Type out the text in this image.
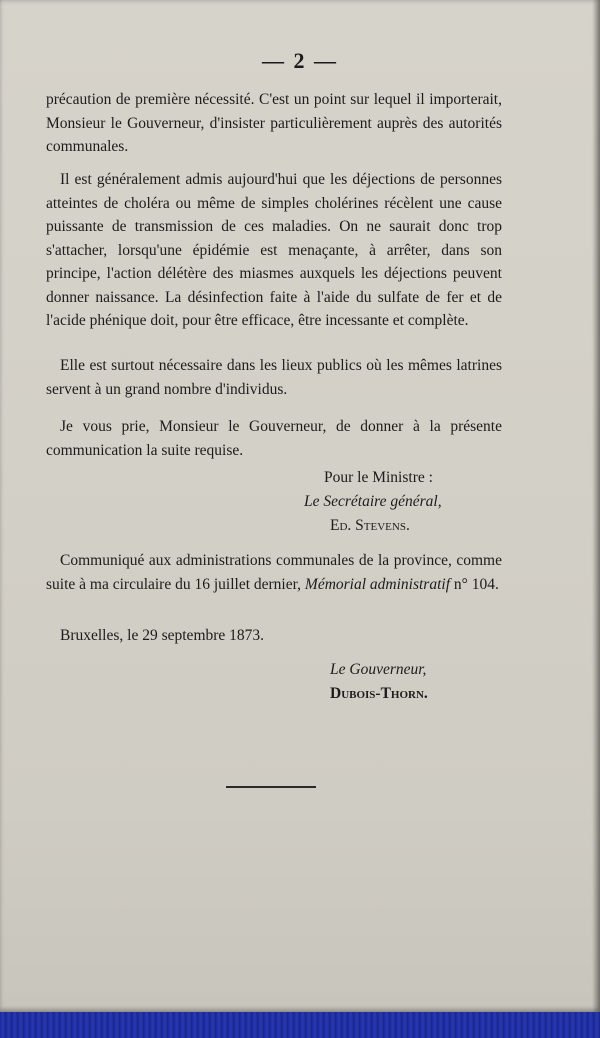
— 2 —

précaution de première nécessité. C'est un point sur lequel il importerait, Monsieur le Gouverneur, d'insister particulièrement auprès des autorités communales.

Il est généralement admis aujourd'hui que les déjections de personnes atteintes de choléra ou même de simples cholérines récèlent une cause puissante de transmission de ces maladies. On ne saurait donc trop s'attacher, lorsqu'une épidémie est menaçante, à arrêter, dans son principe, l'action délétère des miasmes auxquels les déjections peuvent donner naissance. La désinfection faite à l'aide du sulfate de fer et de l'acide phénique doit, pour être efficace, être incessante et complète.

Elle est surtout nécessaire dans les lieux publics où les mêmes latrines servent à un grand nombre d'individus.

Je vous prie, Monsieur le Gouverneur, de donner à la présente communication la suite requise.

Pour le Ministre :
Le Secrétaire général,
Ed. Stevens.

Communiqué aux administrations communales de la province, comme suite à ma circulaire du 16 juillet dernier, Mémorial administratif n° 104.

Bruxelles, le 29 septembre 1873.

Le Gouverneur,
Dubois-Thorn.
